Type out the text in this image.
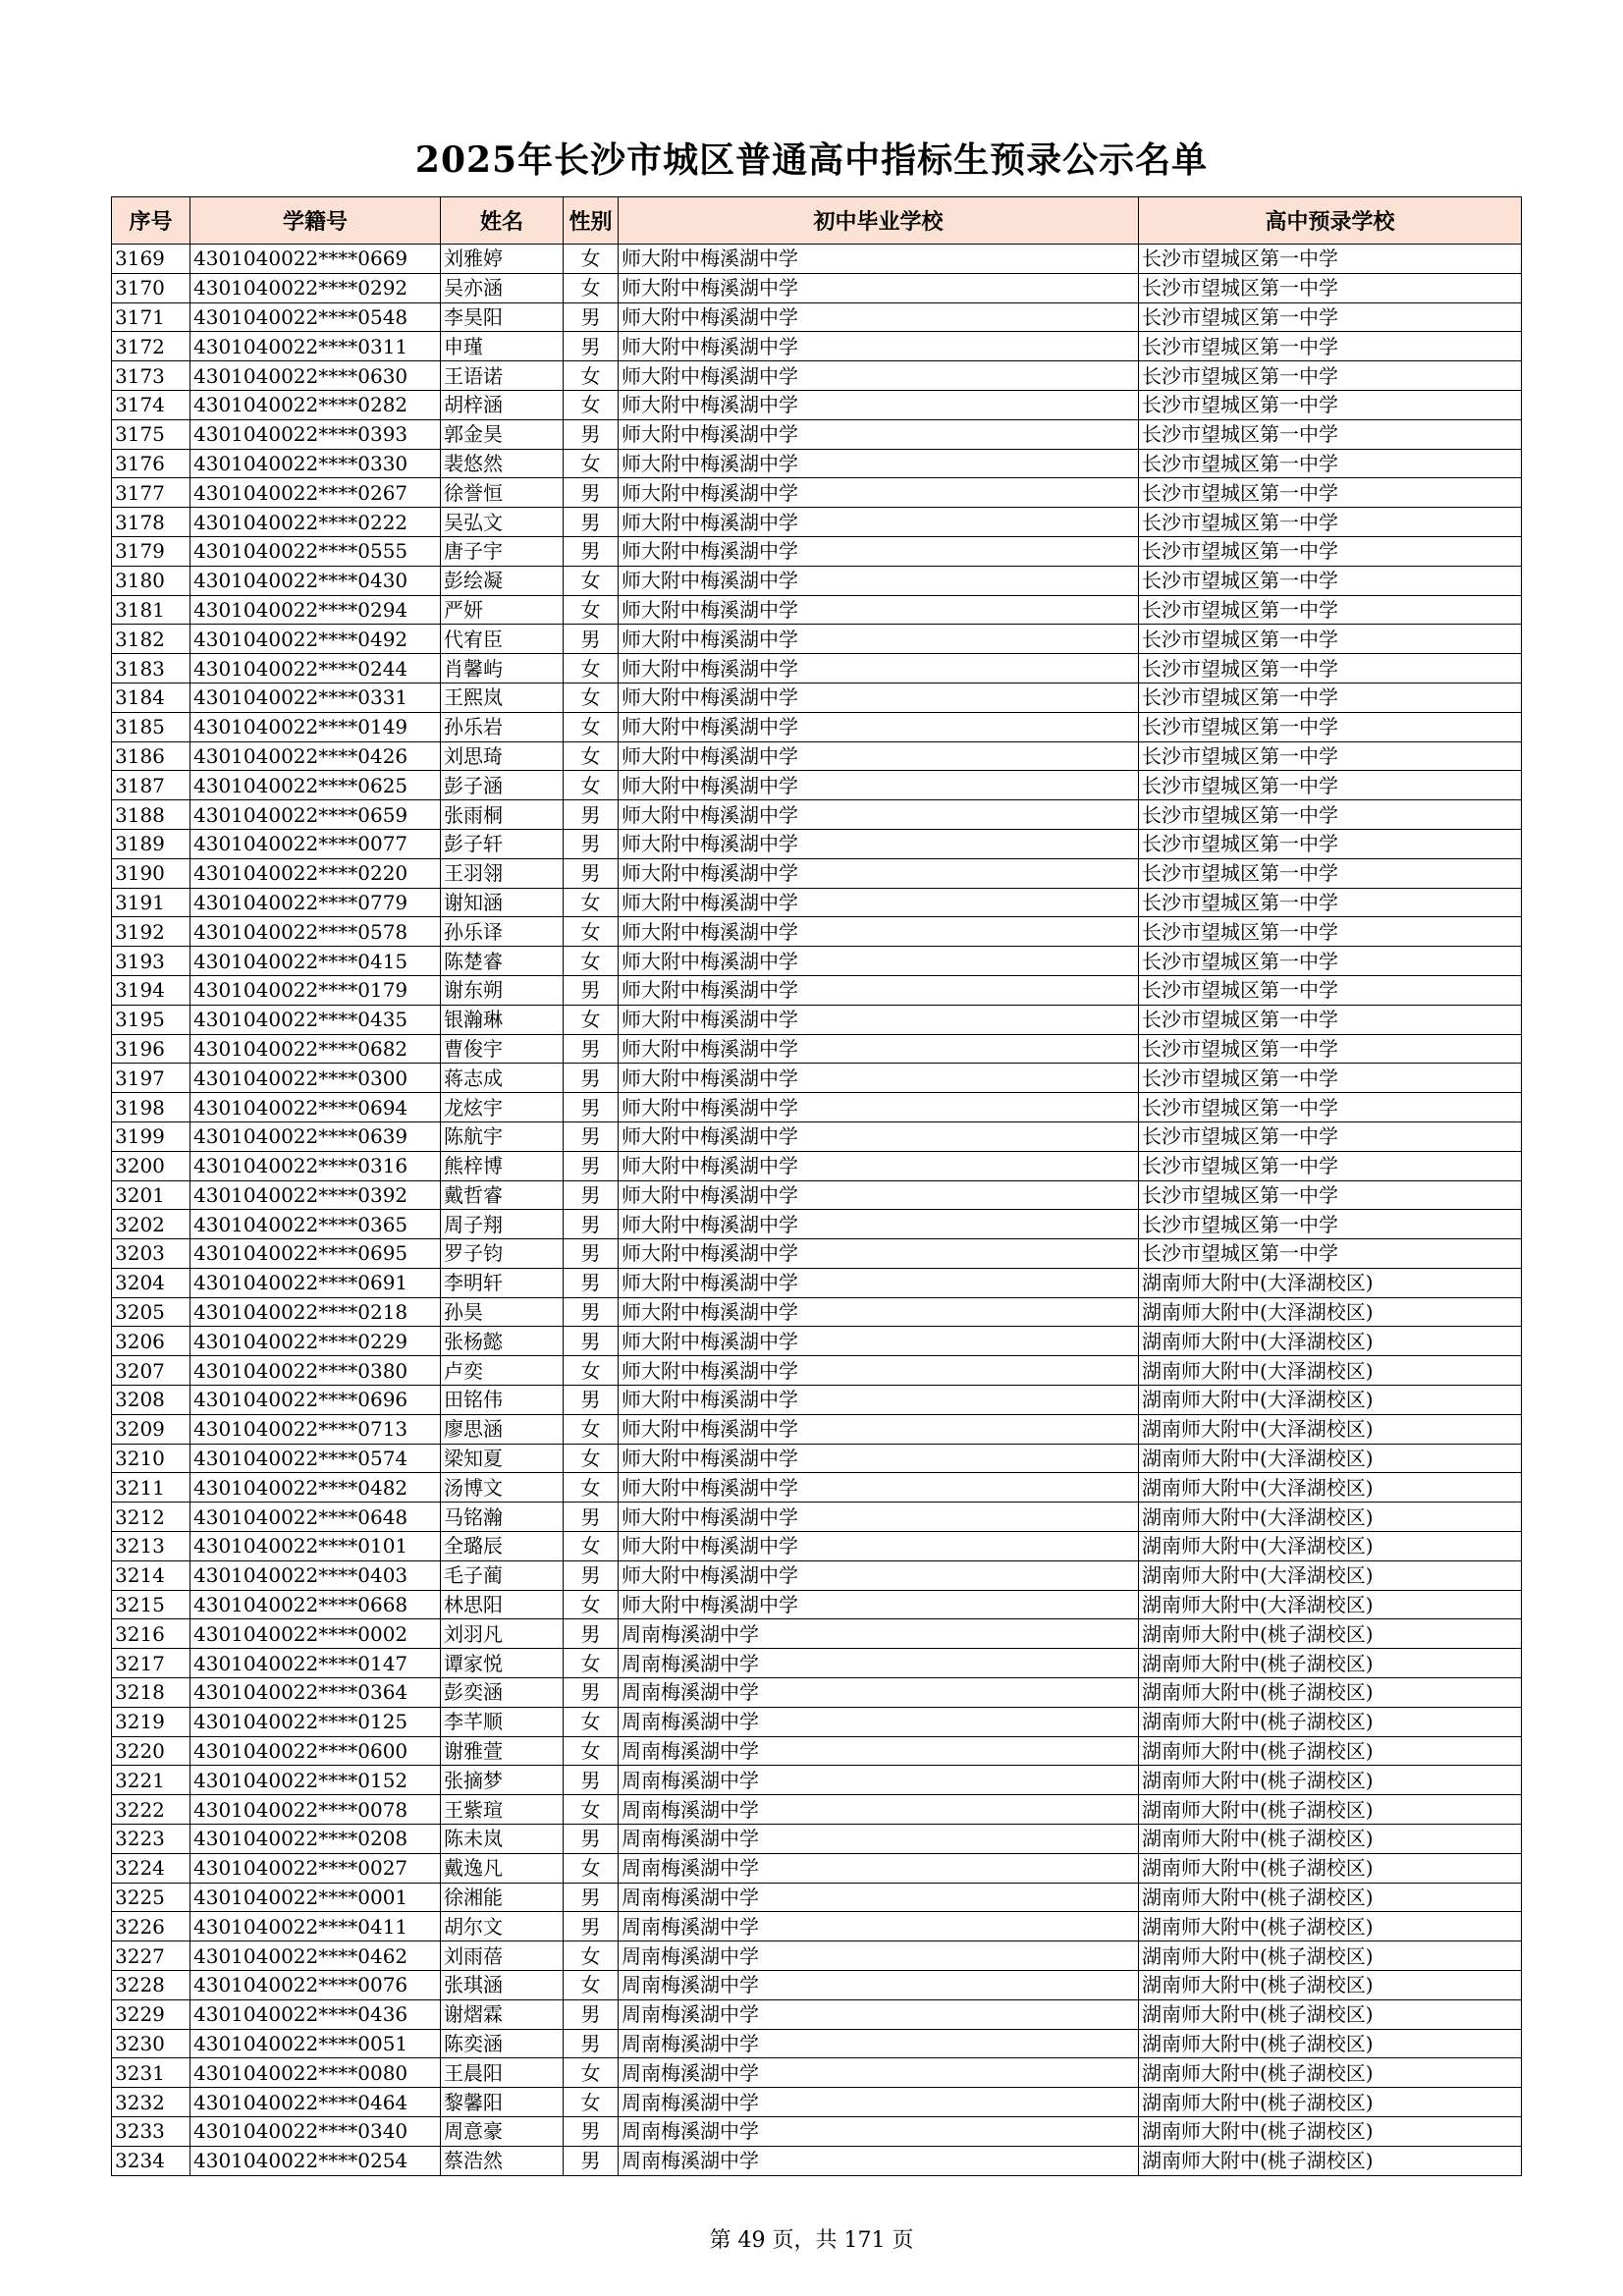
2025年长沙市城区普通高中指标生预录公示名单
序号	学籍号	姓名	性别	初中毕业学校	高中预录学校
3169	4301040022****0669	刘雅婷	女	师大附中梅溪湖中学	长沙市望城区第一中学
3170	4301040022****0292	吴亦涵	女	师大附中梅溪湖中学	长沙市望城区第一中学
3171	4301040022****0548	李昊阳	男	师大附中梅溪湖中学	长沙市望城区第一中学
3172	4301040022****0311	申瑾	男	师大附中梅溪湖中学	长沙市望城区第一中学
3173	4301040022****0630	王语诺	女	师大附中梅溪湖中学	长沙市望城区第一中学
3174	4301040022****0282	胡梓涵	女	师大附中梅溪湖中学	长沙市望城区第一中学
3175	4301040022****0393	郭金昊	男	师大附中梅溪湖中学	长沙市望城区第一中学
3176	4301040022****0330	裴悠然	女	师大附中梅溪湖中学	长沙市望城区第一中学
3177	4301040022****0267	徐誉恒	男	师大附中梅溪湖中学	长沙市望城区第一中学
3178	4301040022****0222	吴弘文	男	师大附中梅溪湖中学	长沙市望城区第一中学
3179	4301040022****0555	唐子宇	男	师大附中梅溪湖中学	长沙市望城区第一中学
3180	4301040022****0430	彭绘凝	女	师大附中梅溪湖中学	长沙市望城区第一中学
3181	4301040022****0294	严妍	女	师大附中梅溪湖中学	长沙市望城区第一中学
3182	4301040022****0492	代宥臣	男	师大附中梅溪湖中学	长沙市望城区第一中学
3183	4301040022****0244	肖馨屿	女	师大附中梅溪湖中学	长沙市望城区第一中学
3184	4301040022****0331	王熙岚	女	师大附中梅溪湖中学	长沙市望城区第一中学
3185	4301040022****0149	孙乐岩	女	师大附中梅溪湖中学	长沙市望城区第一中学
3186	4301040022****0426	刘思琦	女	师大附中梅溪湖中学	长沙市望城区第一中学
3187	4301040022****0625	彭子涵	女	师大附中梅溪湖中学	长沙市望城区第一中学
3188	4301040022****0659	张雨桐	男	师大附中梅溪湖中学	长沙市望城区第一中学
3189	4301040022****0077	彭子轩	男	师大附中梅溪湖中学	长沙市望城区第一中学
3190	4301040022****0220	王羽翎	男	师大附中梅溪湖中学	长沙市望城区第一中学
3191	4301040022****0779	谢知涵	女	师大附中梅溪湖中学	长沙市望城区第一中学
3192	4301040022****0578	孙乐译	女	师大附中梅溪湖中学	长沙市望城区第一中学
3193	4301040022****0415	陈楚睿	女	师大附中梅溪湖中学	长沙市望城区第一中学
3194	4301040022****0179	谢东朔	男	师大附中梅溪湖中学	长沙市望城区第一中学
3195	4301040022****0435	银瀚琳	女	师大附中梅溪湖中学	长沙市望城区第一中学
3196	4301040022****0682	曹俊宇	男	师大附中梅溪湖中学	长沙市望城区第一中学
3197	4301040022****0300	蒋志成	男	师大附中梅溪湖中学	长沙市望城区第一中学
3198	4301040022****0694	龙炫宇	男	师大附中梅溪湖中学	长沙市望城区第一中学
3199	4301040022****0639	陈航宇	男	师大附中梅溪湖中学	长沙市望城区第一中学
3200	4301040022****0316	熊梓博	男	师大附中梅溪湖中学	长沙市望城区第一中学
3201	4301040022****0392	戴哲睿	男	师大附中梅溪湖中学	长沙市望城区第一中学
3202	4301040022****0365	周子翔	男	师大附中梅溪湖中学	长沙市望城区第一中学
3203	4301040022****0695	罗子钧	男	师大附中梅溪湖中学	长沙市望城区第一中学
3204	4301040022****0691	李明轩	男	师大附中梅溪湖中学	湖南师大附中(大泽湖校区)
3205	4301040022****0218	孙昊	男	师大附中梅溪湖中学	湖南师大附中(大泽湖校区)
3206	4301040022****0229	张杨懿	男	师大附中梅溪湖中学	湖南师大附中(大泽湖校区)
3207	4301040022****0380	卢奕	女	师大附中梅溪湖中学	湖南师大附中(大泽湖校区)
3208	4301040022****0696	田铭伟	男	师大附中梅溪湖中学	湖南师大附中(大泽湖校区)
3209	4301040022****0713	廖思涵	女	师大附中梅溪湖中学	湖南师大附中(大泽湖校区)
3210	4301040022****0574	梁知夏	女	师大附中梅溪湖中学	湖南师大附中(大泽湖校区)
3211	4301040022****0482	汤博文	女	师大附中梅溪湖中学	湖南师大附中(大泽湖校区)
3212	4301040022****0648	马铭瀚	男	师大附中梅溪湖中学	湖南师大附中(大泽湖校区)
3213	4301040022****0101	全璐辰	女	师大附中梅溪湖中学	湖南师大附中(大泽湖校区)
3214	4301040022****0403	毛子蔺	男	师大附中梅溪湖中学	湖南师大附中(大泽湖校区)
3215	4301040022****0668	林思阳	女	师大附中梅溪湖中学	湖南师大附中(大泽湖校区)
3216	4301040022****0002	刘羽凡	男	周南梅溪湖中学	湖南师大附中(桃子湖校区)
3217	4301040022****0147	谭家悦	女	周南梅溪湖中学	湖南师大附中(桃子湖校区)
3218	4301040022****0364	彭奕涵	男	周南梅溪湖中学	湖南师大附中(桃子湖校区)
3219	4301040022****0125	李芊顺	女	周南梅溪湖中学	湖南师大附中(桃子湖校区)
3220	4301040022****0600	谢雅萱	女	周南梅溪湖中学	湖南师大附中(桃子湖校区)
3221	4301040022****0152	张摘梦	男	周南梅溪湖中学	湖南师大附中(桃子湖校区)
3222	4301040022****0078	王紫瑄	女	周南梅溪湖中学	湖南师大附中(桃子湖校区)
3223	4301040022****0208	陈未岚	男	周南梅溪湖中学	湖南师大附中(桃子湖校区)
3224	4301040022****0027	戴逸凡	女	周南梅溪湖中学	湖南师大附中(桃子湖校区)
3225	4301040022****0001	徐湘能	男	周南梅溪湖中学	湖南师大附中(桃子湖校区)
3226	4301040022****0411	胡尔文	男	周南梅溪湖中学	湖南师大附中(桃子湖校区)
3227	4301040022****0462	刘雨蓓	女	周南梅溪湖中学	湖南师大附中(桃子湖校区)
3228	4301040022****0076	张琪涵	女	周南梅溪湖中学	湖南师大附中(桃子湖校区)
3229	4301040022****0436	谢熠霖	男	周南梅溪湖中学	湖南师大附中(桃子湖校区)
3230	4301040022****0051	陈奕涵	男	周南梅溪湖中学	湖南师大附中(桃子湖校区)
3231	4301040022****0080	王晨阳	女	周南梅溪湖中学	湖南师大附中(桃子湖校区)
3232	4301040022****0464	黎馨阳	女	周南梅溪湖中学	湖南师大附中(桃子湖校区)
3233	4301040022****0340	周意豪	男	周南梅溪湖中学	湖南师大附中(桃子湖校区)
3234	4301040022****0254	蔡浩然	男	周南梅溪湖中学	湖南师大附中(桃子湖校区)
第 49 页，共 171 页
